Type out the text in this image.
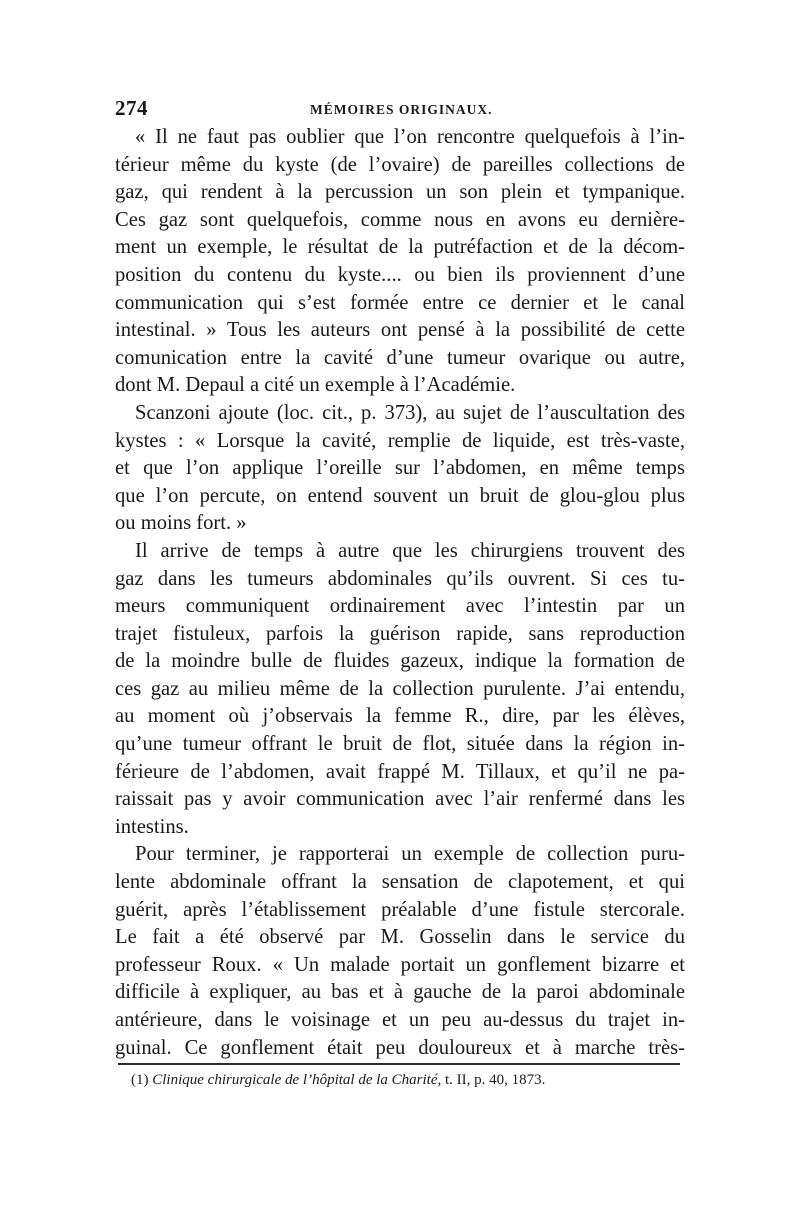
274	MÉMOIRES ORIGINAUX.
« Il ne faut pas oublier que l’on rencontre quelquefois à l’in-
térieur même du kyste (de l’ovaire) de pareilles collections de
gaz, qui rendent à la percussion un son plein et tympanique.
Ces gaz sont quelquefois, comme nous en avons eu dernière-
ment un exemple, le résultat de la putréfaction et de la décom-
position du contenu du kyste.... ou bien ils proviennent d’une
communication qui s’est formée entre ce dernier et le canal
intestinal. » Tous les auteurs ont pensé à la possibilité de cette
comunication entre la cavité d’une tumeur ovarique ou autre,
dont M. Depaul a cité un exemple à l’Académie.
Scanzoni ajoute (loc. cit., p. 373), au sujet de l’auscultation des
kystes : « Lorsque la cavité, remplie de liquide, est très-vaste,
et que l’on applique l’oreille sur l’abdomen, en même temps
que l’on percute, on entend souvent un bruit de glou-glou plus
ou moins fort. »
Il arrive de temps à autre que les chirurgiens trouvent des
gaz dans les tumeurs abdominales qu’ils ouvrent. Si ces tu-
meurs communiquent ordinairement avec l’intestin par un
trajet fistuleux, parfois la guérison rapide, sans reproduction
de la moindre bulle de fluides gazeux, indique la formation de
ces gaz au milieu même de la collection purulente. J’ai entendu,
au moment où j’observais la femme R., dire, par les élèves,
qu’une tumeur offrant le bruit de flot, située dans la région in-
férieure de l’abdomen, avait frappé M. Tillaux, et qu’il ne pa-
raissait pas y avoir communication avec l’air renfermé dans les
intestins.
Pour terminer, je rapporterai un exemple de collection puru-
lente abdominale offrant la sensation de clapotement, et qui
guérit, après l’établissement préalable d’une fistule stercorale.
Le fait a été observé par M. Gosselin dans le service du
professeur Roux. « Un malade portait un gonflement bizarre et
difficile à expliquer, au bas et à gauche de la paroi abdominale
antérieure, dans le voisinage et un peu au-dessus du trajet in-
guinal. Ce gonflement était peu douloureux et à marche très-
(1) Clinique chirurgicale de l’hôpital de la Charité, t. II, p. 40, 1873.
